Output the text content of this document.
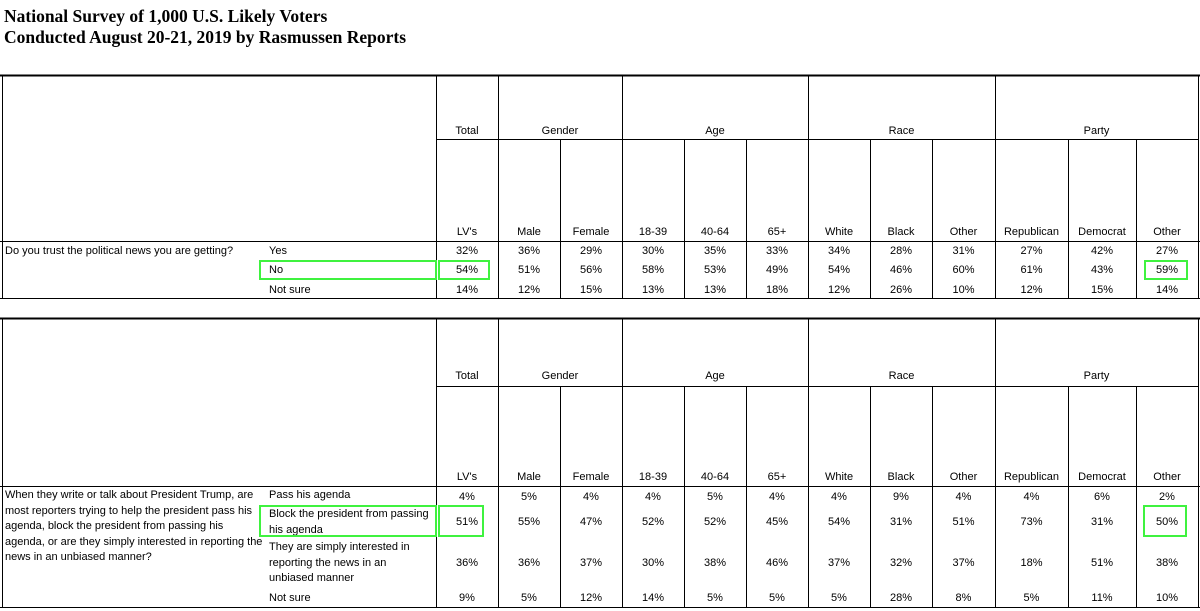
National Survey of 1,000 U.S. Likely Voters
Conducted August 20-21, 2019 by Rasmussen Reports
Total	Gender	Age	Race	Party
LV's	Male	Female	18-39	40-64	65+	White	Black	Other	Republican	Democrat	Other
Total	Gender	Age	Race	Party
LV's	Male	Female	18-39	40-64	65+	White	Black	Other	Republican	Democrat	Other
Do you trust the political news you are getting?	Yes	32%	36%	29%	30%	35%	33%	34%	28%	31%	27%	42%	27%
No	54%	51%	56%	58%	53%	49%	54%	46%	60%	61%	43%	59%
Not sure	14%	12%	15%	13%	13%	18%	12%	26%	10%	12%	15%	14%
When they write or talk about President Trump, are
most reporters trying to help the president pass his
agenda, block the president from passing his
agenda, or are they simply interested in reporting the
news in an unbiased manner?
Pass his agenda	4%	5%	4%	4%	5%	4%	4%	9%	4%	4%	6%	2%
Block the president from passing
his agenda
51%	55%	47%	52%	52%	45%	54%	31%	51%	73%	31%	50%
They are simply interested in
reporting the news in an
unbiased manner
36%	36%	37%	30%	38%	46%	37%	32%	37%	18%	51%	38%
Not sure	9%	5%	12%	14%	5%	5%	5%	28%	8%	5%	11%	10%
